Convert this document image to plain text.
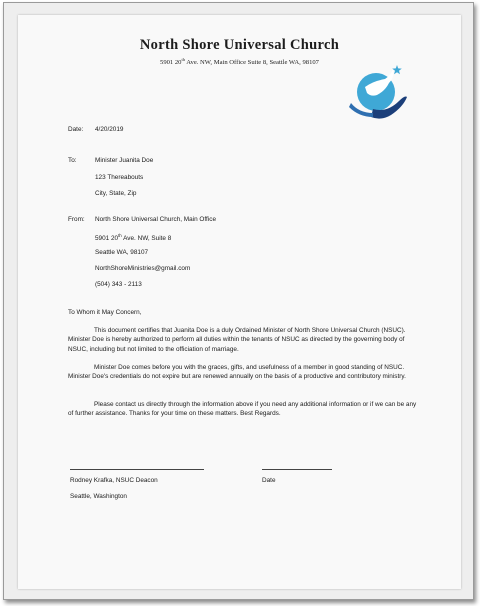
North Shore Universal Church
5901 20th Ave. NW, Main Office Suite 8, Seattle WA, 98107
Date: 4/20/2019
To:	Minister Juanita Doe
123 Thereabouts
City, State, Zip
From: North Shore Universal Church, Main Office
5901 20th Ave. NW, Suite 8
Seattle WA, 98107
NorthShoreMinistries@gmail.com
(504) 343 - 2113
To Whom it May Concern,
This document certifies that Juanita Doe is a duly Ordained Minister of North Shore Universal Church (NSUC). Minister Doe is hereby authorized to perform all duties within the tenants of NSUC as directed by the governing body of NSUC, including but not limited to the officiation of marriage.
Minister Doe comes before you with the graces, gifts, and usefulness of a member in good standing of NSUC. Minister Doe's credentials do not expire but are renewed annually on the basis of a productive and contributory ministry.
Please contact us directly through the information above if you need any additional information or if we can be any of further assistance. Thanks for your time on these matters. Best Regards.
Rodney Krafka, NSUC Deacon	Date
Seattle, Washington
